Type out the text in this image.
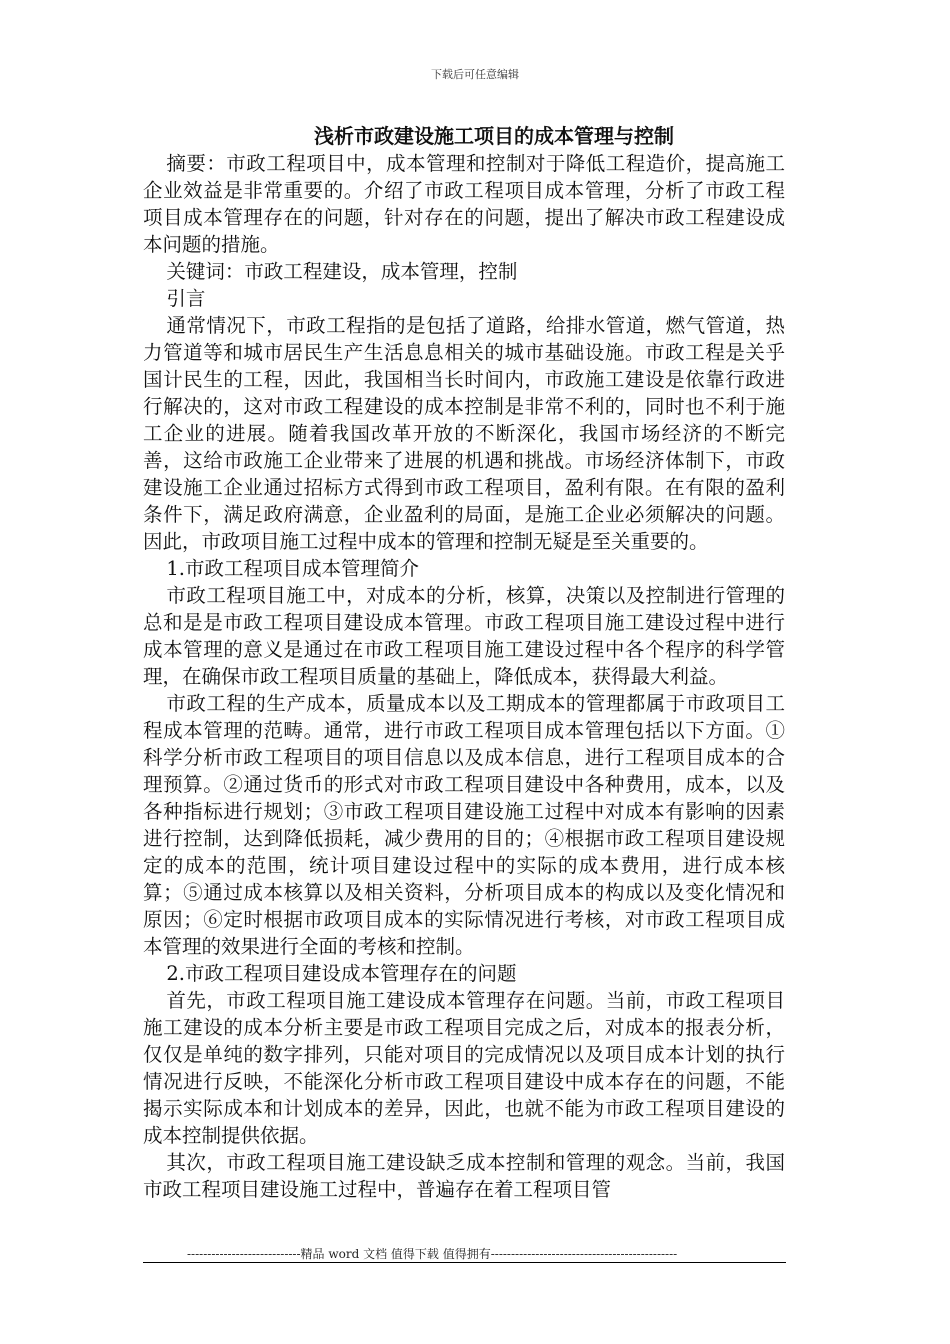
下载后可任意编辑
浅析市政建设施工项目的成本管理与控制

摘要：市政工程项目中，成本管理和控制对于降低工程造价，提高施工企业效益是非常重要的。介绍了市政工程项目成本管理，分析了市政工程项目成本管理存在的问题，针对存在的问题，提出了解决市政工程建设成本问题的措施。

关键词：市政工程建设，成本管理，控制

引言

通常情况下，市政工程指的是包括了道路，给排水管道，燃气管道，热力管道等和城市居民生产生活息息相关的城市基础设施。市政工程是关乎国计民生的工程，因此，我国相当长时间内，市政施工建设是依靠行政进行解决的，这对市政工程建设的成本控制是非常不利的，同时也不利于施工企业的进展。随着我国改革开放的不断深化，我国市场经济的不断完善，这给市政施工企业带来了进展的机遇和挑战。市场经济体制下，市政建设施工企业通过招标方式得到市政工程项目，盈利有限。在有限的盈利条件下，满足政府满意，企业盈利的局面，是施工企业必须解决的问题。因此，市政项目施工过程中成本的管理和控制无疑是至关重要的。

1.市政工程项目成本管理简介

市政工程项目施工中，对成本的分析，核算，决策以及控制进行管理的总和是是市政工程项目建设成本管理。市政工程项目施工建设过程中进行成本管理的意义是通过在市政工程项目施工建设过程中各个程序的科学管理，在确保市政工程项目质量的基础上，降低成本，获得最大利益。

市政工程的生产成本，质量成本以及工期成本的管理都属于市政项目工程成本管理的范畴。通常，进行市政工程项目成本管理包括以下方面。①科学分析市政工程项目的项目信息以及成本信息，进行工程项目成本的合理预算。②通过货币的形式对市政工程项目建设中各种费用，成本，以及各种指标进行规划；③市政工程项目建设施工过程中对成本有影响的因素进行控制，达到降低损耗，减少费用的目的；④根据市政工程项目建设规定的成本的范围，统计项目建设过程中的实际的成本费用，进行成本核算；⑤通过成本核算以及相关资料，分析项目成本的构成以及变化情况和原因；⑥定时根据市政项目成本的实际情况进行考核，对市政工程项目成本管理的效果进行全面的考核和控制。

2.市政工程项目建设成本管理存在的问题

首先，市政工程项目施工建设成本管理存在问题。当前，市政工程项目施工建设的成本分析主要是市政工程项目完成之后，对成本的报表分析，仅仅是单纯的数字排列，只能对项目的完成情况以及项目成本计划的执行情况进行反映，不能深化分析市政工程项目建设中成本存在的问题，不能揭示实际成本和计划成本的差异，因此，也就不能为市政工程项目建设的成本控制提供依据。

其次，市政工程项目施工建设缺乏成本控制和管理的观念。当前，我国市政工程项目建设施工过程中，普遍存在着工程项目管

----------------------------精品 word 文档 值得下载 值得拥有----------------------------------------------
